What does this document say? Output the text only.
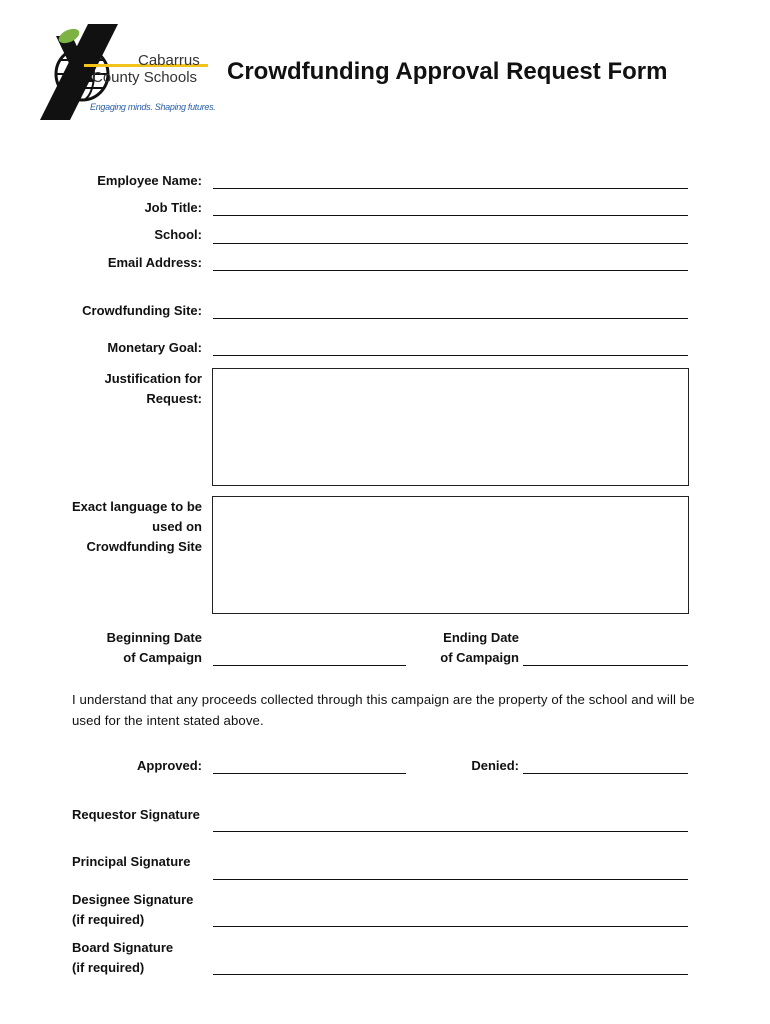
Cabarrus
County Schools
Engaging minds. Shaping futures.
Crowdfunding Approval Request Form
Employee Name:
Job Title:
School:
Email Address:
Crowdfunding Site:
Monetary Goal:
Justification for
Request:
Exact language to be
used on
Crowdfunding Site
Beginning Date
of Campaign
Ending Date
of Campaign
I understand that any proceeds collected through this campaign are the property of the school and will be used for the intent stated above.
Approved:	Denied:
Requestor Signature
Principal Signature
Designee Signature
(if required)
Board Signature
(if required)
